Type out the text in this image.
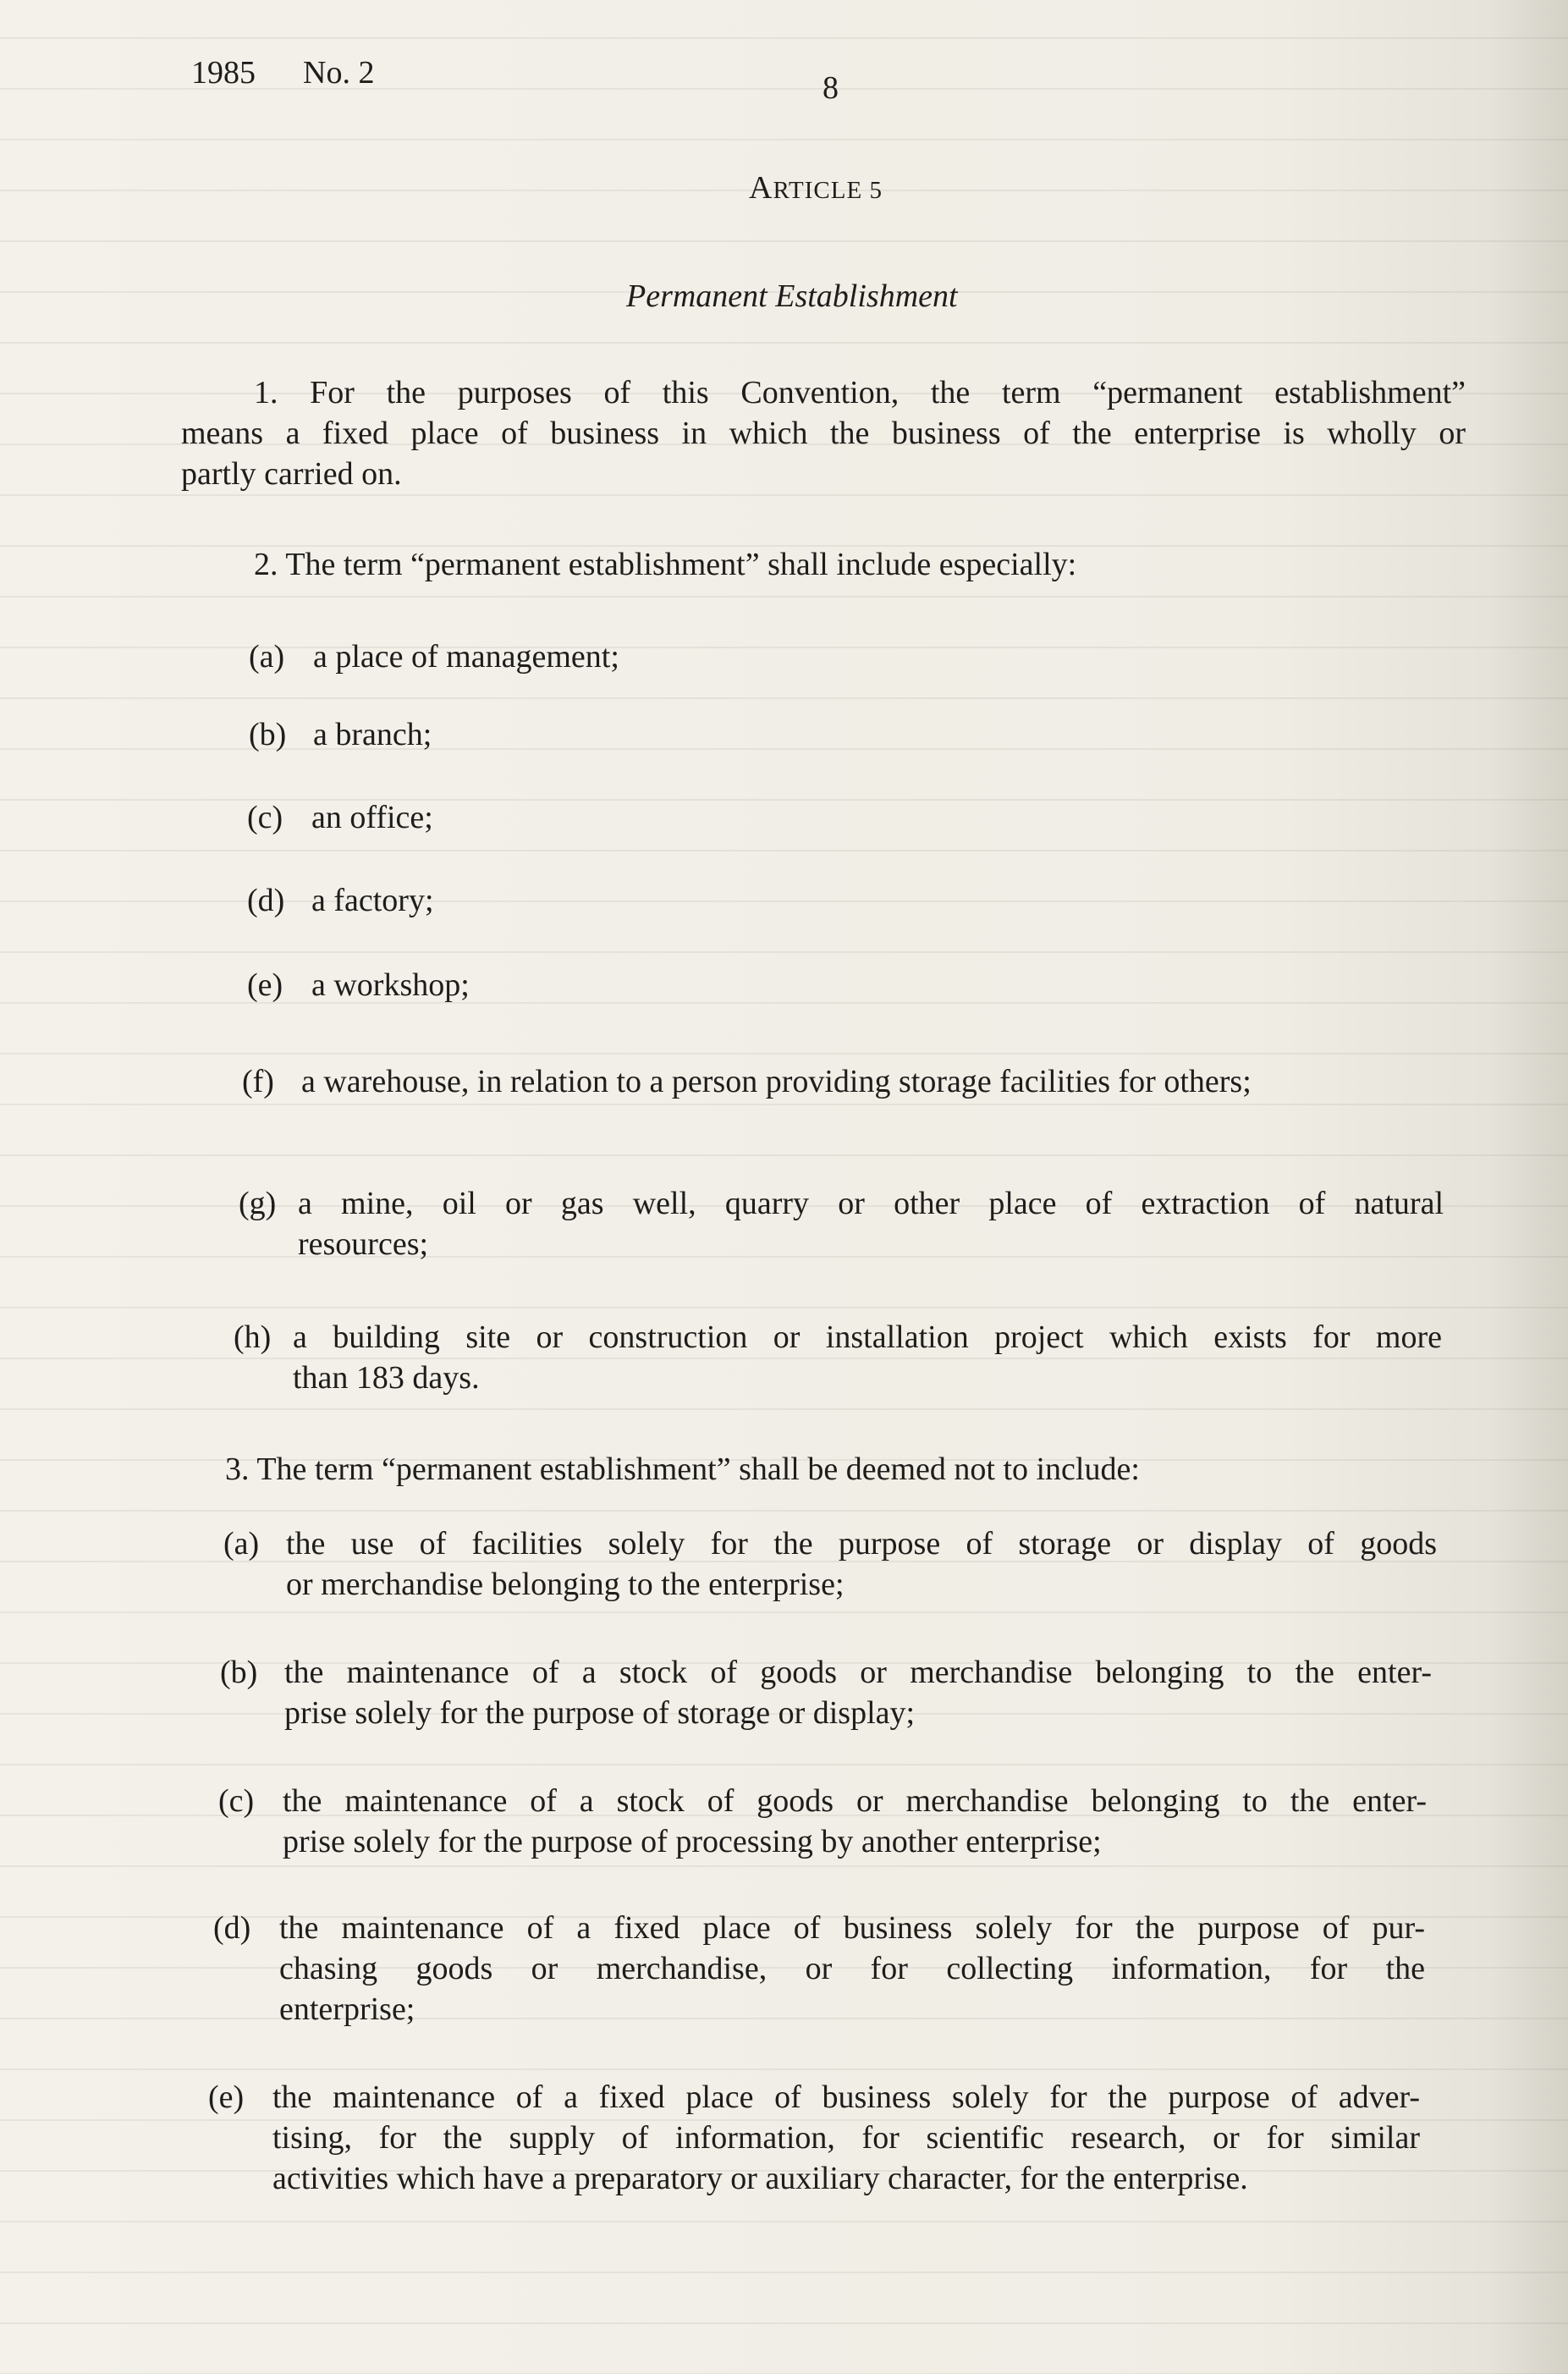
1985 No. 2	8
ARTICLE 5
Permanent Establishment
1. For the purposes of this Convention, the term “permanent establishment”
means a fixed place of business in which the business of the enterprise is wholly or
partly carried on.
2. The term “permanent establishment” shall include especially:
(a) a place of management;
(b) a branch;
(c) an office;
(d) a factory;
(e) a workshop;
(f) a warehouse, in relation to a person providing storage facilities for others;
(g) a mine, oil or gas well, quarry or other place of extraction of natural
resources;
(h) a building site or construction or installation project which exists for more
than 183 days.
3. The term “permanent establishment” shall be deemed not to include:
(a) the use of facilities solely for the purpose of storage or display of goods
or merchandise belonging to the enterprise;
(b) the maintenance of a stock of goods or merchandise belonging to the enter-
prise solely for the purpose of storage or display;
(c) the maintenance of a stock of goods or merchandise belonging to the enter-
prise solely for the purpose of processing by another enterprise;
(d) the maintenance of a fixed place of business solely for the purpose of pur-
chasing goods or merchandise, or for collecting information, for the
enterprise;
(e) the maintenance of a fixed place of business solely for the purpose of adver-
tising, for the supply of information, for scientific research, or for similar
activities which have a preparatory or auxiliary character, for the enterprise.
